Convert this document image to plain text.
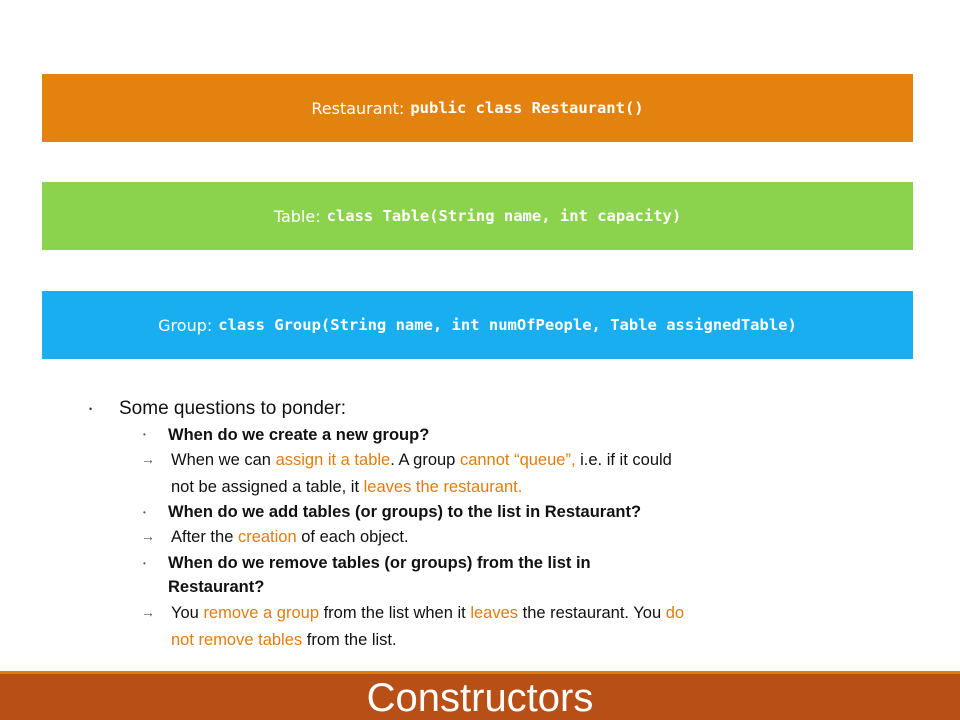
Restaurant: public class Restaurant()
Table: class Table(String name, int capacity)
Group: class Group(String name, int numOfPeople, Table assignedTable)
• Some questions to ponder:
• When do we create a new group?
→ When we can assign it a table. A group cannot “queue”, i.e. if it could
not be assigned a table, it leaves the restaurant.
• When do we add tables (or groups) to the list in Restaurant?
→ After the creation of each object.
• When do we remove tables (or groups) from the list in
Restaurant?
→ You remove a group from the list when it leaves the restaurant. You do
not remove tables from the list.
Constructors
